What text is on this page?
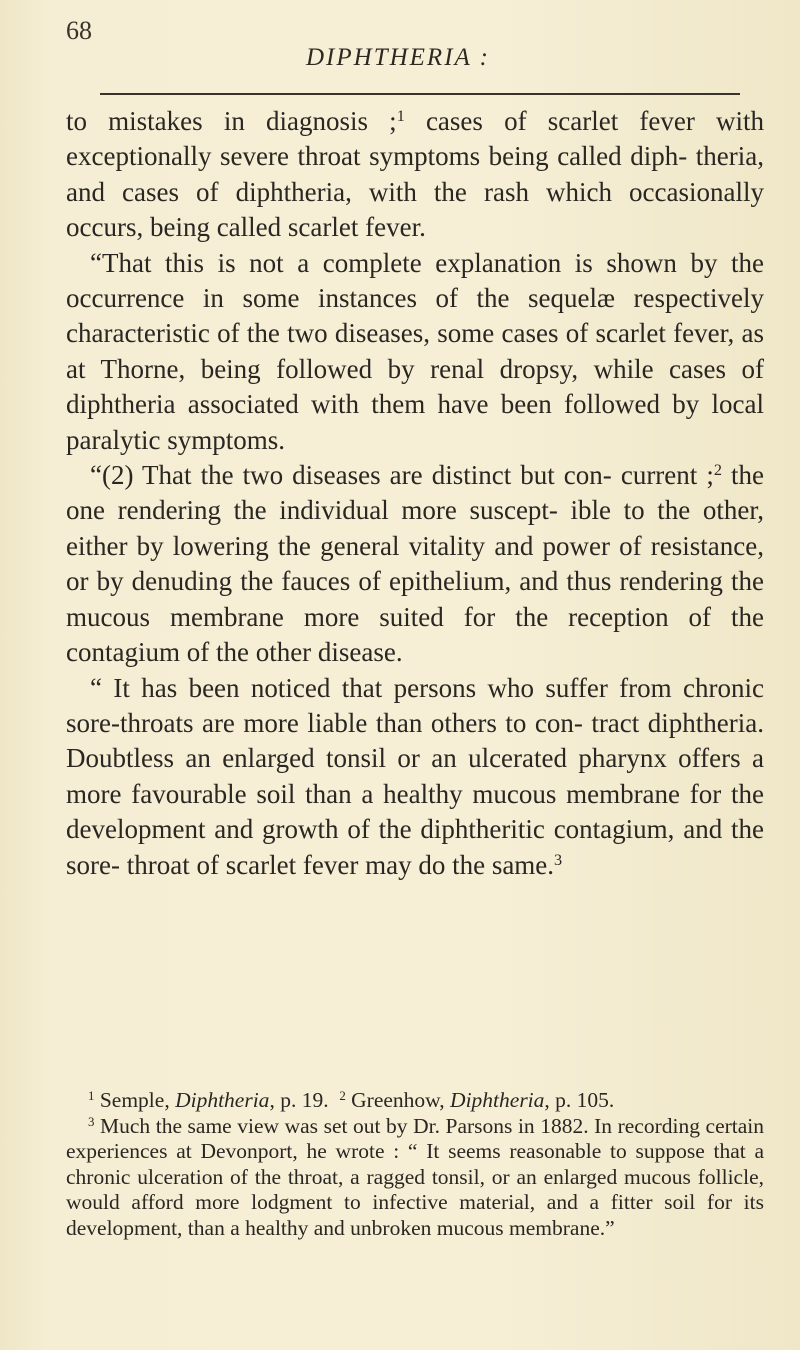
68
DIPHTHERIA :

to mistakes in diagnosis ;$^1$ cases of scarlet fever with exceptionally severe throat symptoms being called diph- theria, and cases of diphtheria, with the rash which occasionally occurs, being called scarlet fever.

“That this is not a complete explanation is shown by the occurrence in some instances of the sequelæ respectively characteristic of the two diseases, some cases of scarlet fever, as at Thorne, being followed by renal dropsy, while cases of diphtheria associated with them have been followed by local paralytic symptoms.

“(2) That the two diseases are distinct but con- current ;$^2$ the one rendering the individual more suscept- ible to the other, either by lowering the general vitality and power of resistance, or by denuding the fauces of epithelium, and thus rendering the mucous membrane more suited for the reception of the contagium of the other disease.

“ It has been noticed that persons who suffer from chronic sore-throats are more liable than others to con- tract diphtheria. Doubtless an enlarged tonsil or an ulcerated pharynx offers a more favourable soil than a healthy mucous membrane for the development and growth of the diphtheritic contagium, and the sore- throat of scarlet fever may do the same.$^3$

$^1$ Semple, Diphtheria, p. 19. $^2$ Greenhow, Diphtheria, p. 105.

$^3$ Much the same view was set out by Dr. Parsons in 1882. In recording certain experiences at Devonport, he wrote : “ It seems reasonable to suppose that a chronic ulceration of the throat, a ragged tonsil, or an enlarged mucous follicle, would afford more lodgment to infective material, and a fitter soil for its development, than a healthy and unbroken mucous membrane.”
